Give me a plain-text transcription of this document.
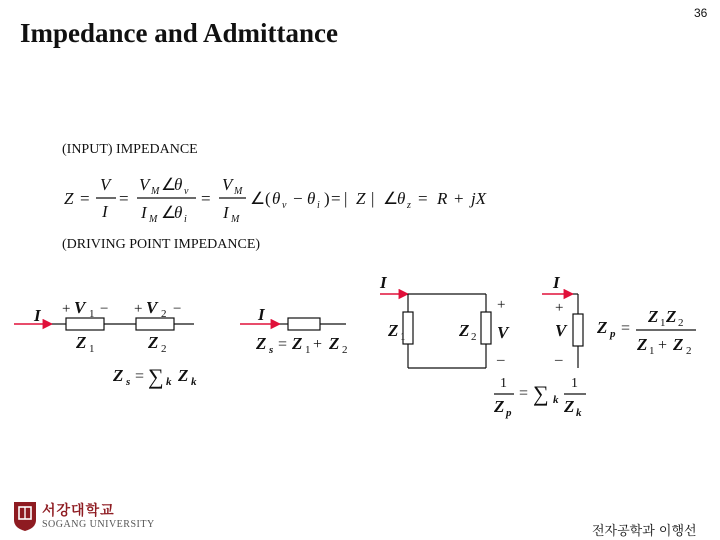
Impedance and Admittance
36
(INPUT) IMPEDANCE
(DRIVING POINT IMPEDANCE)
Z =
V
I
=
V M ∠
θ v
I M ∠
θ i
=
V M
I M
∠ ( θ v − θ i ) = | Z | ∠
θ z = R + jX
I + V 1 − + V 2 −
Z 1	Z 2
Z s = ∑ k Z k
I
Z s = Z 1 + Z 2
I
Z 1	Z 2
+
V
–
1
Z p
= ∑ k
1
Z k
I
+
V
–
Z p =
Z 1 Z 2
Z 1 + Z 2
서강대학교
SOGANG UNIVERSITY	전자공학과 이행선
